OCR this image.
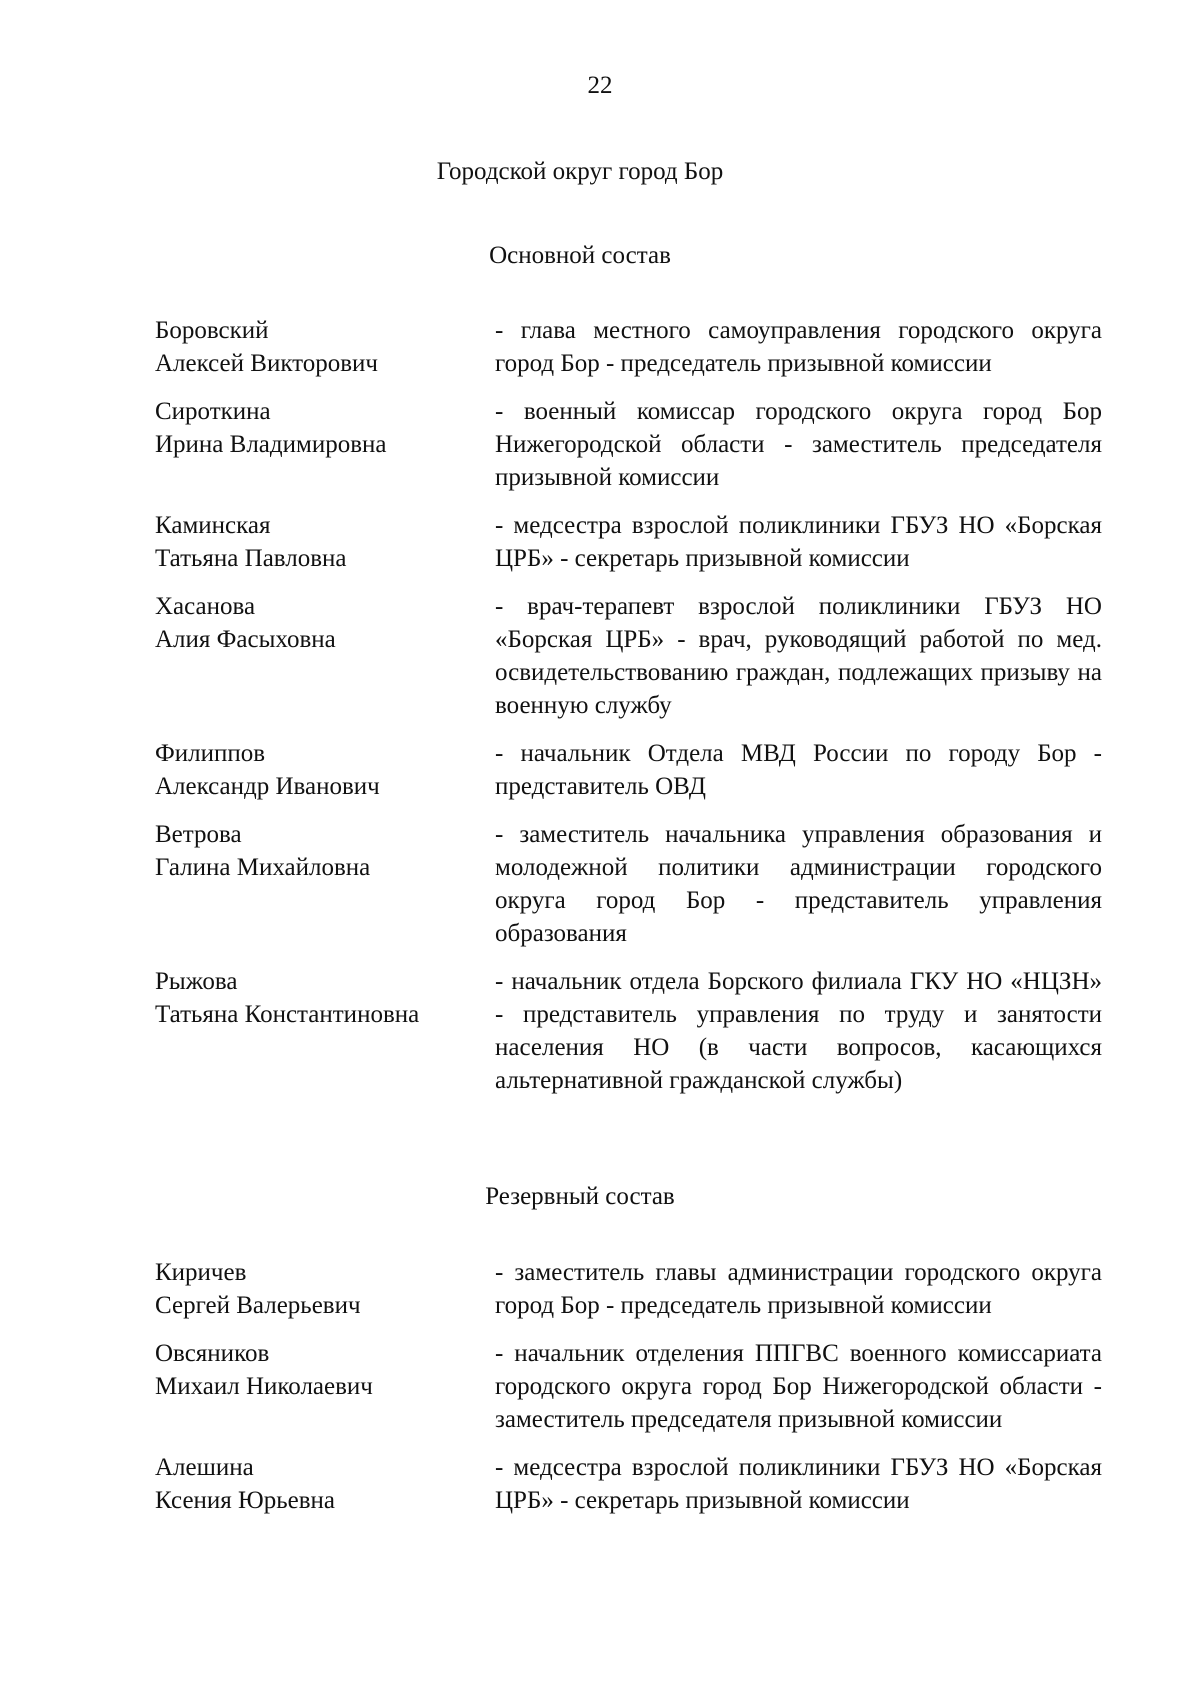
22
Городской округ город Бор
Основной состав
Боровский
Алексей Викторович
- глава местного самоуправления городского округа город Бор - председатель призывной комиссии
Сироткина
Ирина Владимировна
- военный комиссар городского округа город Бор Нижегородской области - заместитель председателя призывной комиссии
Каминская
Татьяна Павловна
- медсестра взрослой поликлиники ГБУЗ НО «Борская ЦРБ» - секретарь призывной комиссии
Хасанова
Алия Фасыховна
- врач-терапевт взрослой поликлиники ГБУЗ НО «Борская ЦРБ» - врач, руководящий работой по мед. освидетельствованию граждан, подлежащих призыву на военную службу
Филиппов
Александр Иванович
- начальник Отдела МВД России по городу Бор - представитель ОВД
Ветрова
Галина Михайловна
- заместитель начальника управления образования и молодежной политики администрации городского округа город Бор - представитель управления образования
Рыжова
Татьяна Константиновна
- начальник отдела Борского филиала ГКУ НО «НЦЗН» - представитель управления по труду и занятости населения НО (в части вопросов, касающихся альтернативной гражданской службы)
Резервный состав
Киричев
Сергей Валерьевич
- заместитель главы администрации городского округа город Бор - председатель призывной комиссии
Овсяников
Михаил Николаевич
- начальник отделения ППГВС военного комиссариата городского округа город Бор Нижегородской области - заместитель председателя призывной комиссии
Алешина
Ксения Юрьевна
- медсестра взрослой поликлиники ГБУЗ НО «Борская ЦРБ» - секретарь призывной комиссии
